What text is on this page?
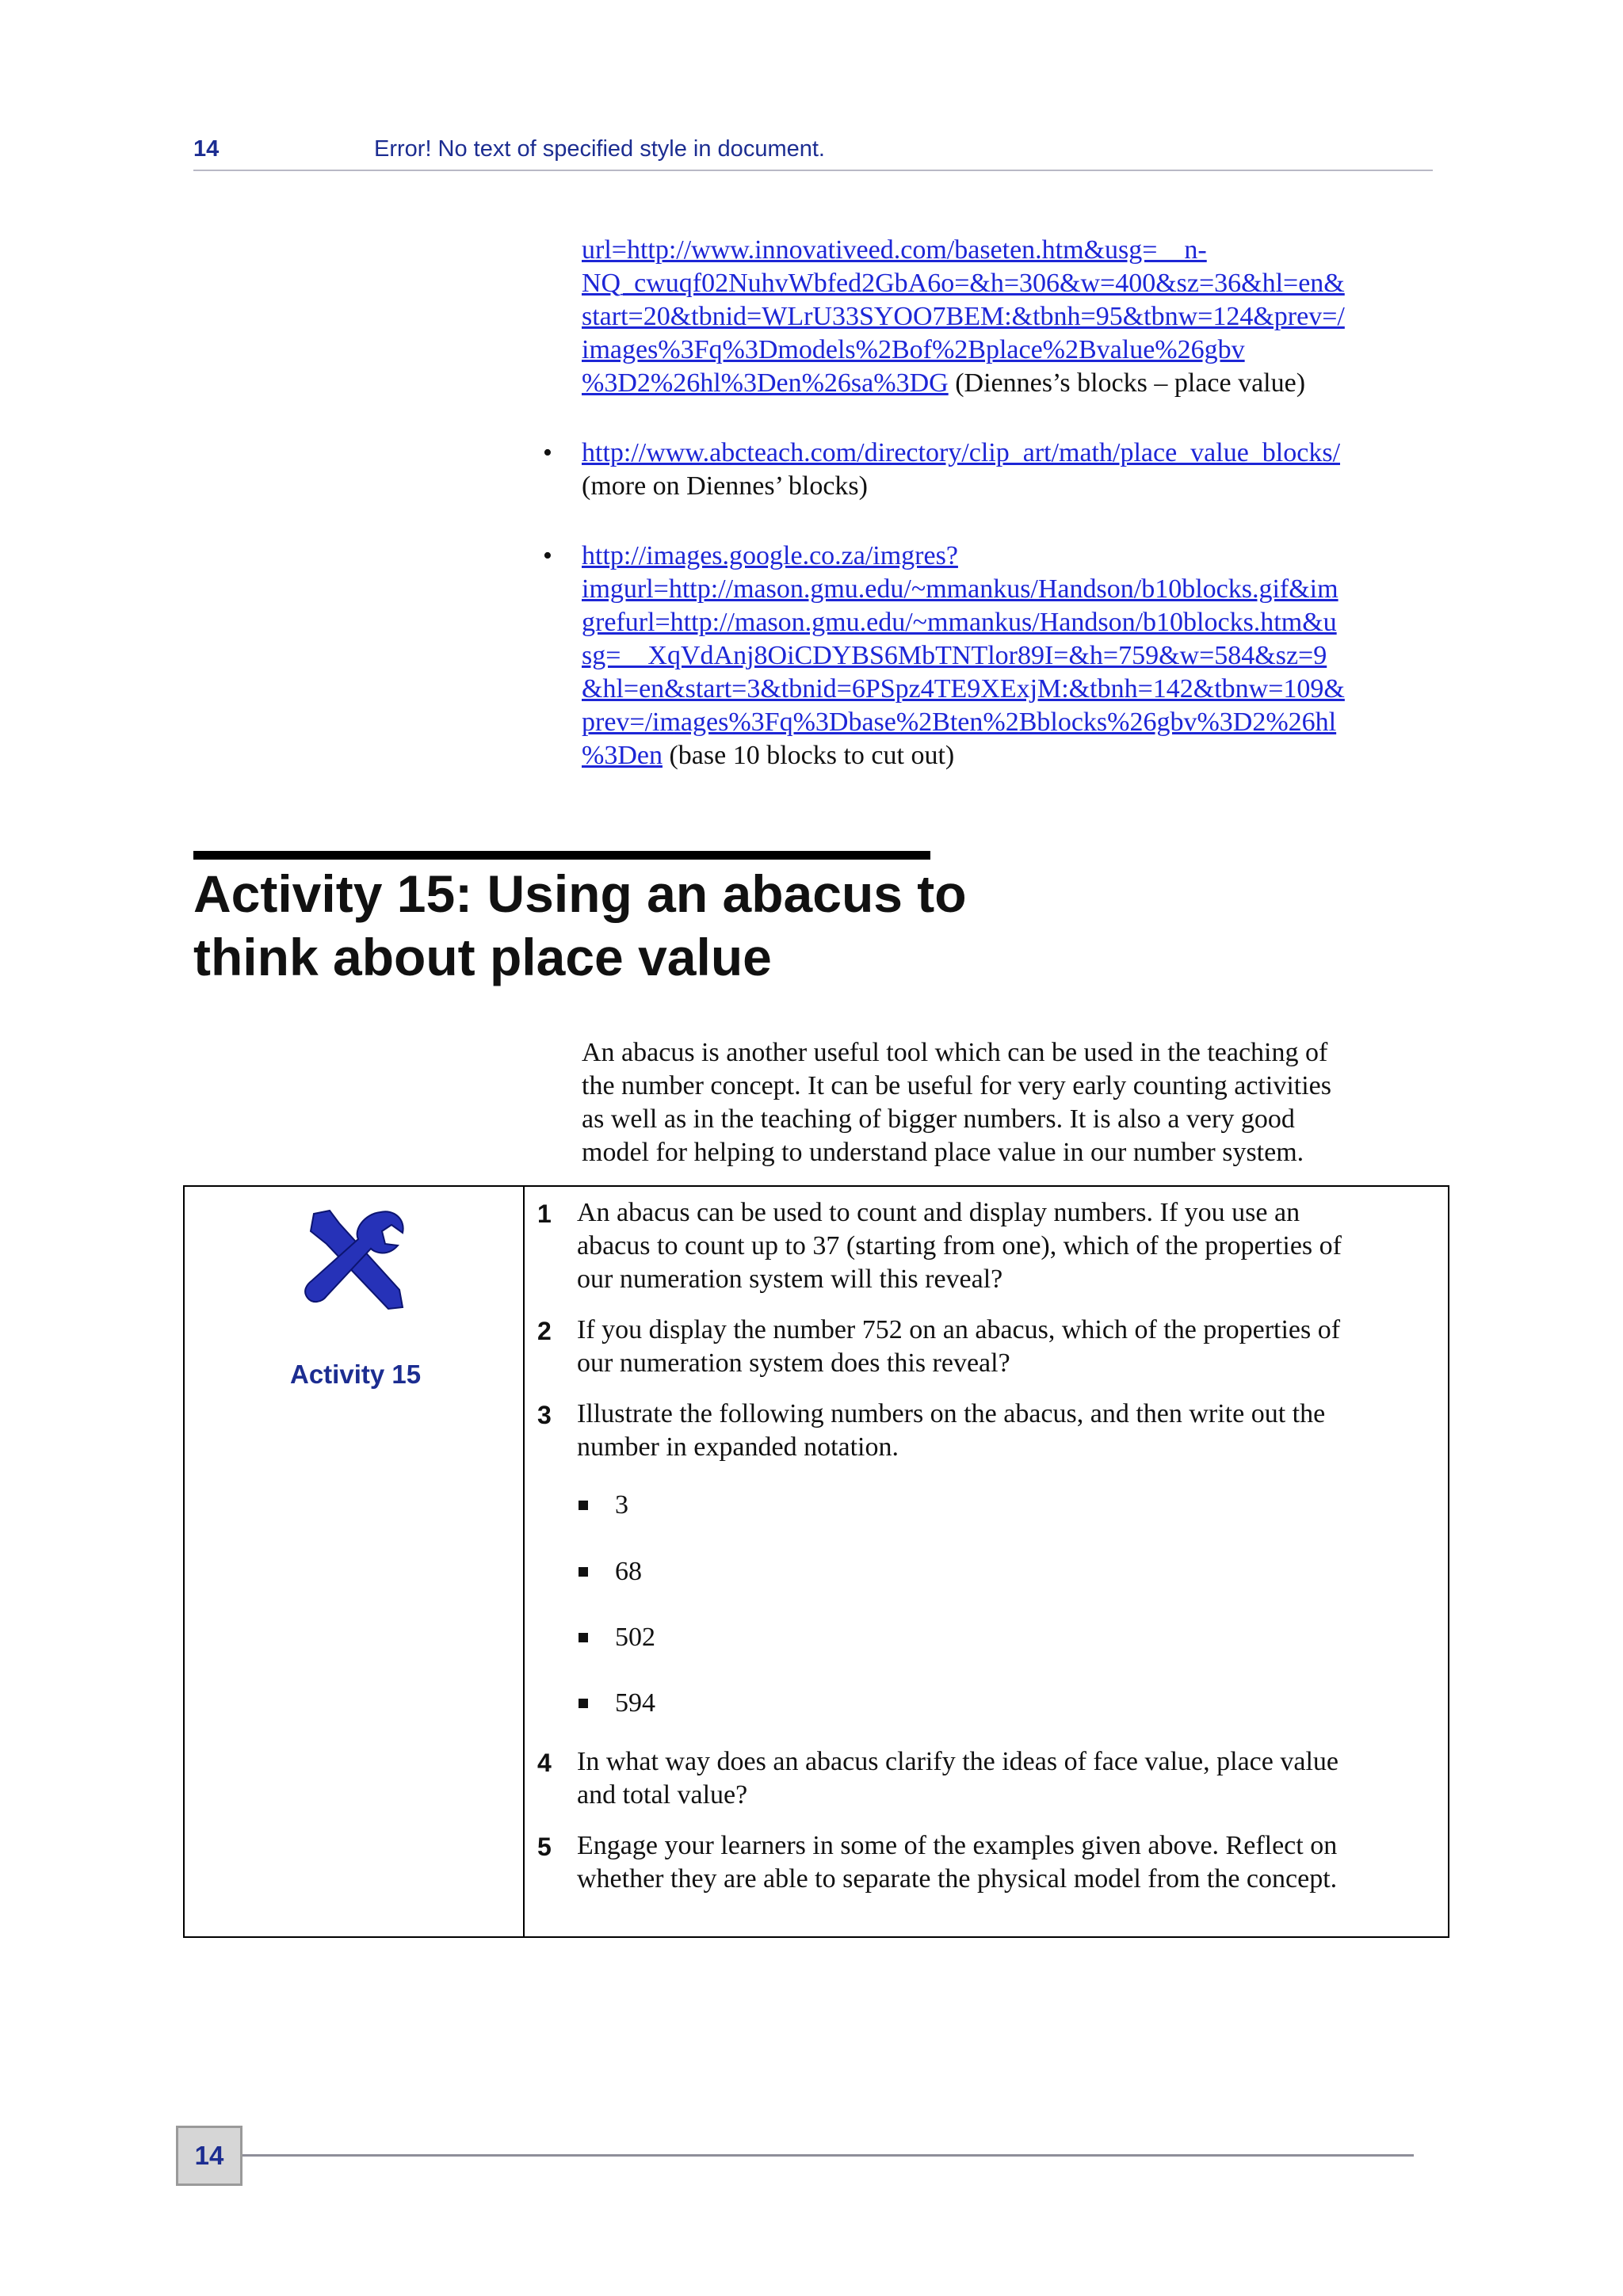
14	Error! No text of specified style in document.
url=http://www.innovativeed.com/baseten.htm&usg=__n-
NQ_cwuqf02NuhvWbfed2GbA6o=&h=306&w=400&sz=36&hl=en&
start=20&tbnid=WLrU33SYOO7BEM:&tbnh=95&tbnw=124&prev=/
images%3Fq%3Dmodels%2Bof%2Bplace%2Bvalue%26gbv
%3D2%26hl%3Den%26sa%3DG (Diennes’s blocks – place value)
• http://www.abcteach.com/directory/clip_art/math/place_value_blocks/
(more on Diennes’ blocks)
• http://images.google.co.za/imgres?
imgurl=http://mason.gmu.edu/~mmankus/Handson/b10blocks.gif&im
grefurl=http://mason.gmu.edu/~mmankus/Handson/b10blocks.htm&u
sg=__XqVdAnj8OiCDYBS6MbTNTlor89I=&h=759&w=584&sz=9
&hl=en&start=3&tbnid=6PSpz4TE9XExjM:&tbnh=142&tbnw=109&
prev=/images%3Fq%3Dbase%2Bten%2Bblocks%26gbv%3D2%26hl
%3Den (base 10 blocks to cut out)
Activity 15: Using an abacus to
think about place value
An abacus is another useful tool which can be used in the teaching of
the number concept. It can be useful for very early counting activities
as well as in the teaching of bigger numbers. It is also a very good
model for helping to understand place value in our number system.
Activity 15
1 An abacus can be used to count and display numbers. If you use an
abacus to count up to 37 (starting from one), which of the properties of
our numeration system will this reveal?
2 If you display the number 752 on an abacus, which of the properties of
our numeration system does this reveal?
3 Illustrate the following numbers on the abacus, and then write out the
number in expanded notation.
3
68
502
594
4 In what way does an abacus clarify the ideas of face value, place value
and total value?
5 Engage your learners in some of the examples given above. Reflect on
whether they are able to separate the physical model from the concept.
14
